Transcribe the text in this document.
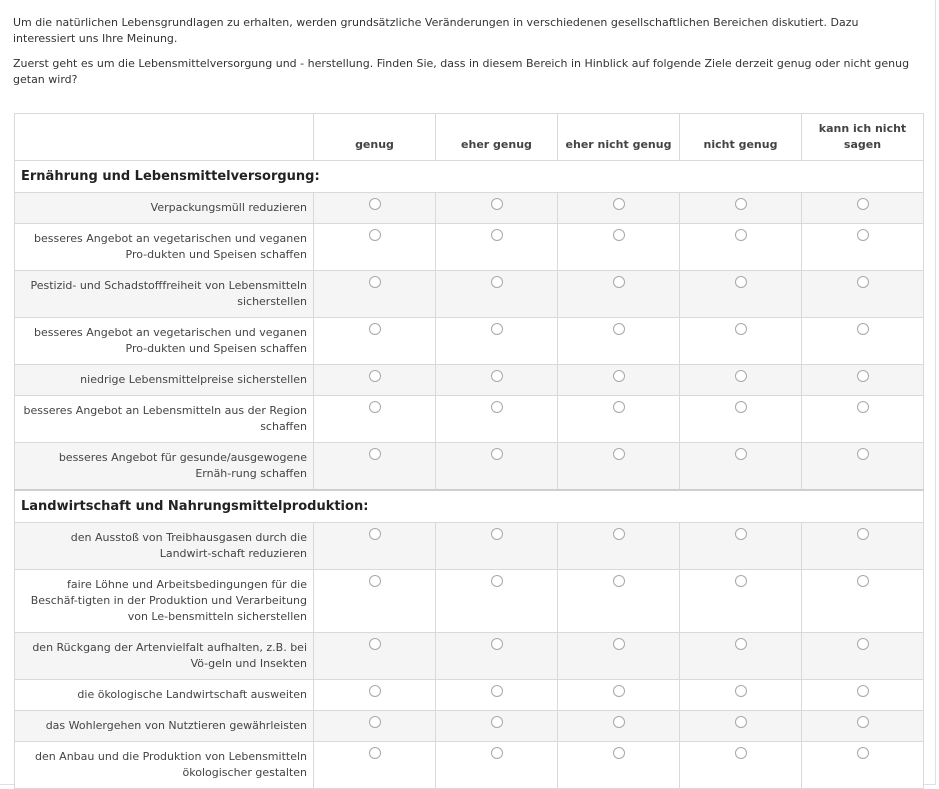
Um die natürlichen Lebensgrundlagen zu erhalten, werden grundsätzliche Veränderungen in verschiedenen gesellschaftlichen Bereichen diskutiert. Dazu interessiert uns Ihre Meinung.

Zuerst geht es um die Lebensmittelversorgung und - herstellung. Finden Sie, dass in diesem Bereich in Hinblick auf folgende Ziele derzeit genug oder nicht genug getan wird?

	genug	eher genug	eher nicht genug	nicht genug	kann ich nicht sagen
Ernährung und Lebensmittelversorgung:					
Verpackungsmüll reduzieren					
besseres Angebot an vegetarischen und veganen Pro-dukten und Speisen schaffen					
Pestizid- und Schadstofffreiheit von Lebensmitteln sicherstellen					
besseres Angebot an vegetarischen und veganen Pro-dukten und Speisen schaffen					
niedrige Lebensmittelpreise sicherstellen					
besseres Angebot an Lebensmitteln aus der Region schaffen					
besseres Angebot für gesunde/ausgewogene Ernäh-rung schaffen					
Landwirtschaft und Nahrungsmittelproduktion:					
den Ausstoß von Treibhausgasen durch die Landwirt-schaft reduzieren					
faire Löhne und Arbeitsbedingungen für die Beschäf-tigten in der Produktion und Verarbeitung von Le-bensmitteln sicherstellen					
den Rückgang der Artenvielfalt aufhalten, z.B. bei Vö-geln und Insekten					
die ökologische Landwirtschaft ausweiten					
das Wohlergehen von Nutztieren gewährleisten					
den Anbau und die Produktion von Lebensmitteln ökologischer gestalten					
